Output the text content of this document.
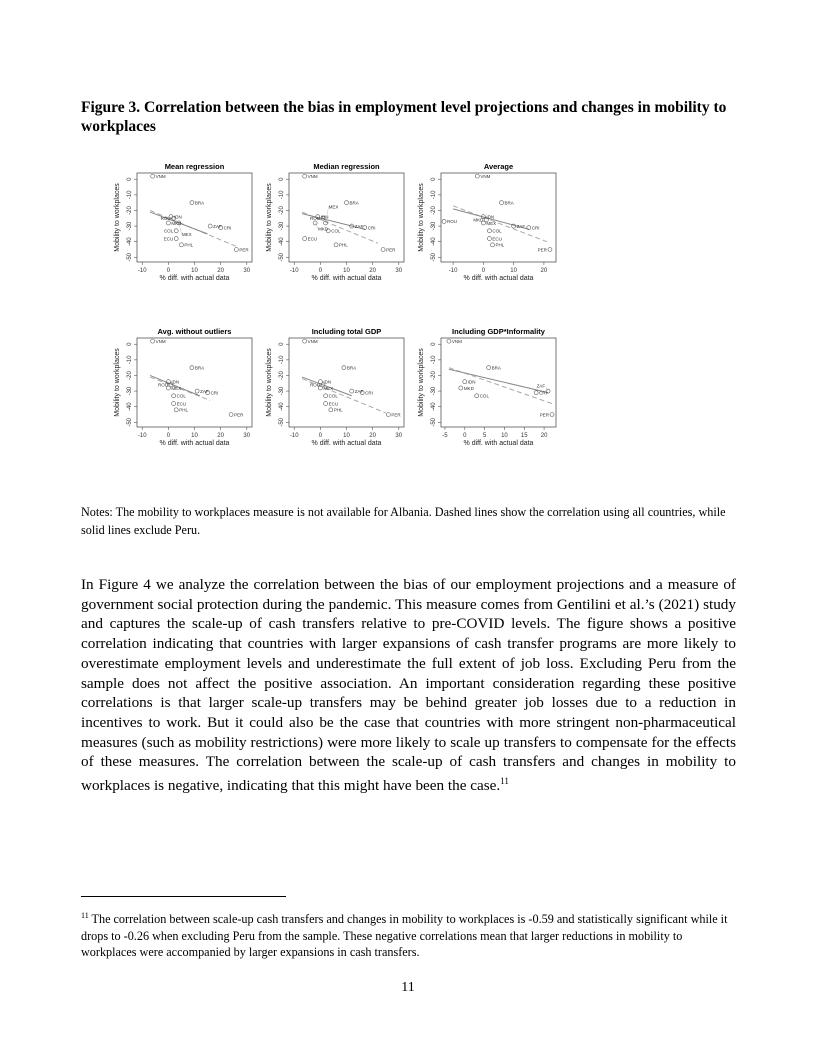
Figure 3. Correlation between the bias in employment level projections and changes in mobility to workplaces
Mean regression
-10	0	10	20	30
0
-10
-20
-30
-40
-50
% diff. with actual data
Mobility to workplaces
VNM
BRA
IDN
ROU
MKD
MEX
ZAF CRI
COL
ECU
PHL
PER
Median regression
-10	0	10	20	30
0
-10
-20
-30
-40
-50
% diff. with actual data
Mobility to workplaces
VNM
BRA
IDN
ROU
MKD
MEX
ZAF CRI
COL
ECU
PHL
PER
Average
-10	0	10	20
0
-10
-20
-30
-40
-50
% diff. with actual data
Mobility to workplaces
VNM
BRA
ROU
IDN
MKD
MEX
ZAF CRI
COL
ECU
PHL
PER
Avg. without outliers
-10	0	10	20	30
0
-10
-20
-30
-40
-50
% diff. with actual data
Mobility to workplaces
VNM
BRA
IDN
ROU
MEX
ZAF CRI
COL
ECU
PHL
PER
Including total GDP
-10	0	10	20	30
0
-10
-20
-30
-40
-50
% diff. with actual data
Mobility to workplaces
VNM
BRA
IDN
ROU
MEX
ZAF CRI
COL
ECU
PHL
PER
Including GDP*Informality
-5	0	5 10 15 20
0
-10
-20
-30
-40
-50
% diff. with actual data
Mobility to workplaces
VNM
BRA
IDN
MKD
COL
CRI
ZAF
PER
Notes: The mobility to workplaces measure is not available for Albania. Dashed lines show the correlation using all countries, while solid lines exclude Peru.
In Figure 4 we analyze the correlation between the bias of our employment projections and a measure of government social protection during the pandemic. This measure comes from Gentilini et al.’s (2021) study and captures the scale-up of cash transfers relative to pre-COVID levels. The figure shows a positive correlation indicating that countries with larger expansions of cash transfer programs are more likely to overestimate employment levels and underestimate the full extent of job loss. Excluding Peru from the sample does not affect the positive association. An important consideration regarding these positive correlations is that larger scale-up transfers may be behind greater job losses due to a reduction in incentives to work. But it could also be the case that countries with more stringent non-pharmaceutical measures (such as mobility restrictions) were more likely to scale up transfers to compensate for the effects of these measures. The correlation between the scale-up of cash transfers and changes in mobility to workplaces is negative, indicating that this might have been the case.$^{11}$
$^{11}$ The correlation between scale-up cash transfers and changes in mobility to workplaces is -0.59 and statistically significant while it drops to -0.26 when excluding Peru from the sample. These negative correlations mean that larger reductions in mobility to workplaces were accompanied by larger expansions in cash transfers.
11
